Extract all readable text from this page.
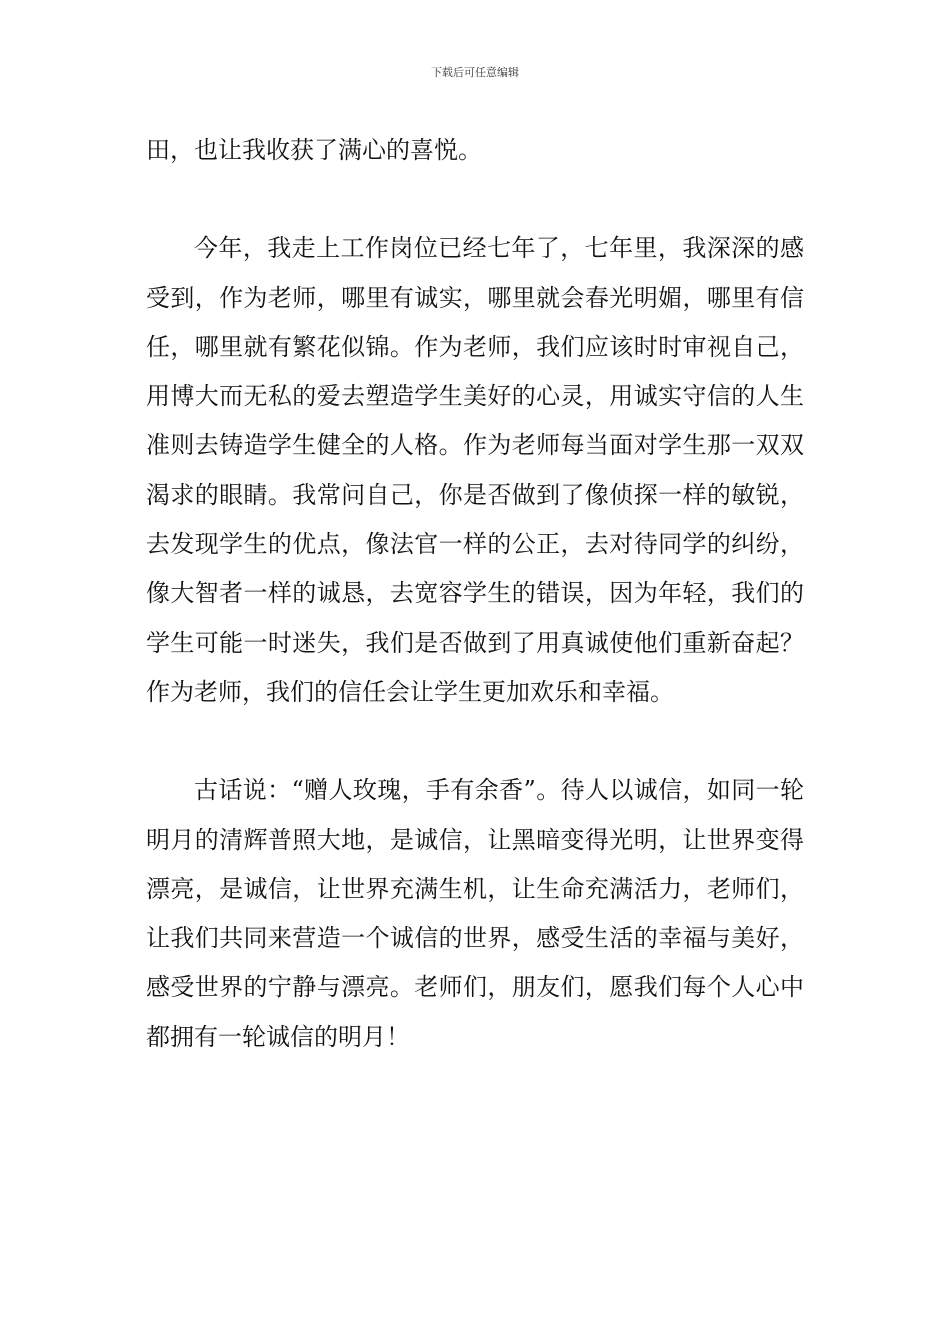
下载后可任意编辑

田，也让我收获了满心的喜悦。

今年，我走上工作岗位已经七年了，七年里，我深深的感受到，作为老师，哪里有诚实，哪里就会春光明媚，哪里有信任，哪里就有繁花似锦。作为老师，我们应该时时审视自己，用博大而无私的爱去塑造学生美好的心灵，用诚实守信的人生准则去铸造学生健全的人格。作为老师每当面对学生那一双双渴求的眼睛。我常问自己，你是否做到了像侦探一样的敏锐，去发现学生的优点，像法官一样的公正，去对待同学的纠纷，像大智者一样的诚恳，去宽容学生的错误，因为年轻，我们的学生可能一时迷失，我们是否做到了用真诚使他们重新奋起？作为老师，我们的信任会让学生更加欢乐和幸福。

古话说：“赠人玫瑰，手有余香”。待人以诚信，如同一轮明月的清辉普照大地，是诚信，让黑暗变得光明，让世界变得漂亮，是诚信，让世界充满生机，让生命充满活力，老师们，让我们共同来营造一个诚信的世界，感受生活的幸福与美好，感受世界的宁静与漂亮。老师们，朋友们，愿我们每个人心中都拥有一轮诚信的明月！
